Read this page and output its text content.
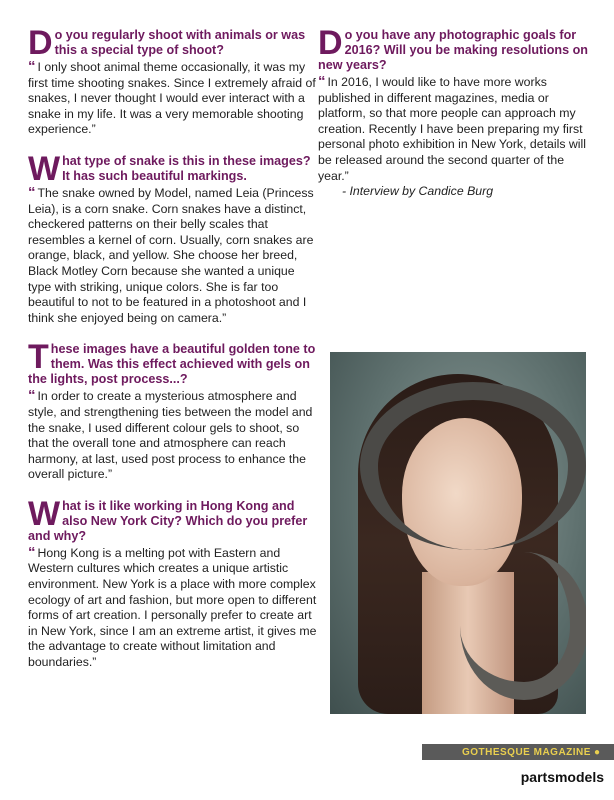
Do you regularly shoot with animals or was this a special type of shoot?

“ I only shoot animal theme occasionally, it was my first time shooting snakes. Since I extremely afraid of snakes, I never thought I would ever interact with a snake in my life. It was a very memorable shooting experience.”

What type of snake is this in these images? It has such beautiful markings.

“ The snake owned by Model, named Leia (Princess Leia), is a corn snake. Corn snakes have a distinct, checkered patterns on their belly scales that resembles a kernel of corn. Usually, corn snakes are orange, black, and yellow. She choose her breed, Black Motley Corn because she wanted a unique type with striking, unique colors. She is far too beautiful to not to be featured in a photoshoot and I think she enjoyed being on camera.”

These images have a beautiful golden tone to them. Was this effect achieved with gels on the lights, post process...?

“ In order to create a mysterious atmosphere and style, and strengthening ties between the model and the snake, I used different colour gels to shoot, so that the overall tone and atmosphere can reach harmony, at last, used post process to enhance the overall picture.”

What is it like working in Hong Kong and also New York City? Which do you prefer and why?

“ Hong Kong is a melting pot with Eastern and Western cultures which creates a unique artistic environment. New York is a place with more complex ecology of art and fashion, but more open to different forms of art creation. I personally prefer to create art in New York, since I am an extreme artist, it gives me the advantage to create without limitation and boundaries.”

Do you have any photographic goals for 2016? Will you be making resolutions on new years?

“ In 2016, I would like to have more works published in different magazines, media or platform, so that more people can approach my creation. Recently I have been preparing my first personal photo exhibition in New York, details will be released around the second quarter of the year.”

- Interview by Candice Burg

GOTHESQUE MAGAZINE ●
partsmodels
